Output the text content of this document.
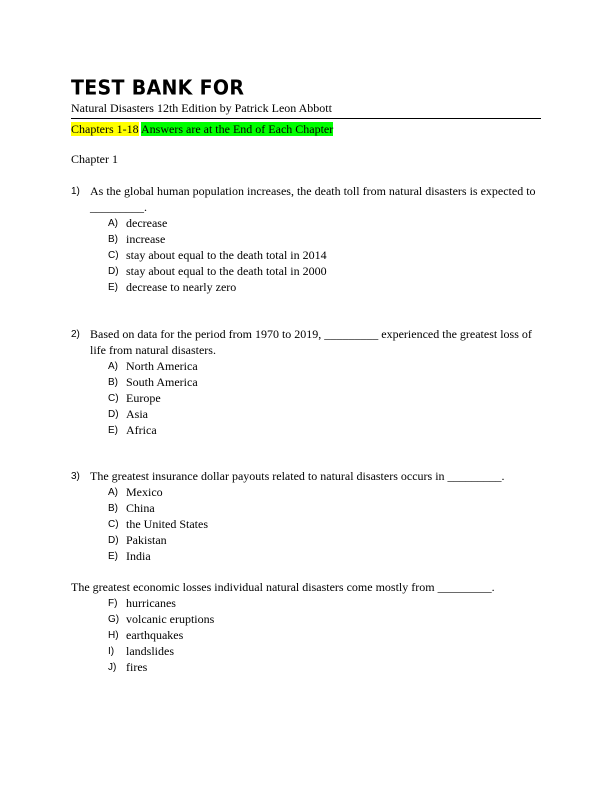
TEST BANK FOR
Natural Disasters 12th Edition by Patrick Leon Abbott
Chapters 1-18 Answers are at the End of Each Chapter
Chapter 1
1) As the global human population increases, the death toll from natural disasters is expected to _________.
A) decrease
B) increase
C) stay about equal to the death total in 2014
D) stay about equal to the death total in 2000
E) decrease to nearly zero
2) Based on data for the period from 1970 to 2019, _________ experienced the greatest loss of life from natural disasters.
A) North America
B) South America
C) Europe
D) Asia
E) Africa
3) The greatest insurance dollar payouts related to natural disasters occurs in _________.
A) Mexico
B) China
C) the United States
D) Pakistan
E) India
The greatest economic losses individual natural disasters come mostly from _________.
F) hurricanes
G) volcanic eruptions
H) earthquakes
I) landslides
J) fires
